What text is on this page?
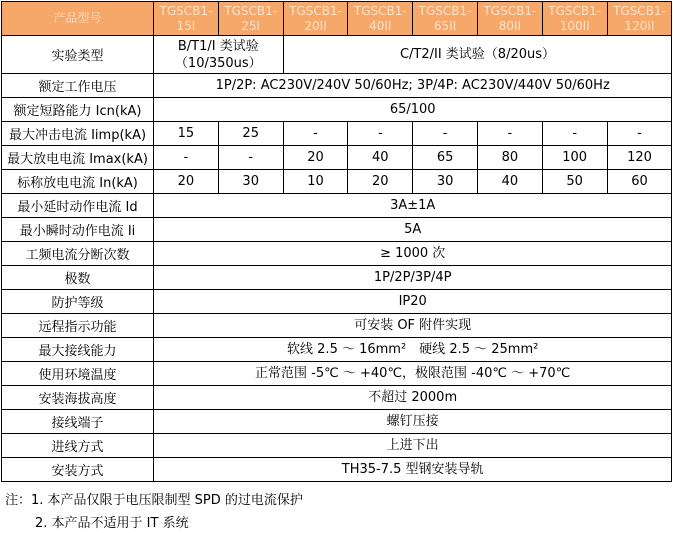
产品型号	TGSCB1-15I	TGSCB1-25I	TGSCB1-20II	TGSCB1-40II	TGSCB1-65II	TGSCB1-80II	TGSCB1-100II	TGSCB1-120II
实验类型	B/T1/I 类试验（10/350us）		C/T2/II 类试验（8/20us）					
额定工作电压	1P/2P: AC230V/240V 50/60Hz; 3P/4P: AC230V/440V 50/60Hz							
额定短路能力 Icn(kA)	65/100							
最大冲击电流 Iimp(kA)	15	25	-	-	-	-	-	-
最大放电电流 Imax(kA)	-	-	20	40	65	80	100	120
标称放电电流 In(kA)	20	30	10	20	30	40	50	60
最小延时动作电流 Id	3A±1A							
最小瞬时动作电流 Ii	5A							
工频电流分断次数	≥ 1000 次							
极数	1P/2P/3P/4P							
防护等级	IP20							
远程指示功能	可安装 OF 附件实现							
最大接线能力	软线 2.5 ～ 16mm²　硬线 2.5 ～ 25mm²							
使用环境温度	正常范围 -5℃ ～ +40℃，极限范围 -40℃ ～ +70℃							
安装海拔高度	不超过 2000m							
接线端子	螺钉压接							
进线方式	上进下出							
安装方式	TH35-7.5 型钢安装导轨							
注：1. 本产品仅限于电压限制型 SPD 的过电流保护
2. 本产品不适用于 IT 系统
